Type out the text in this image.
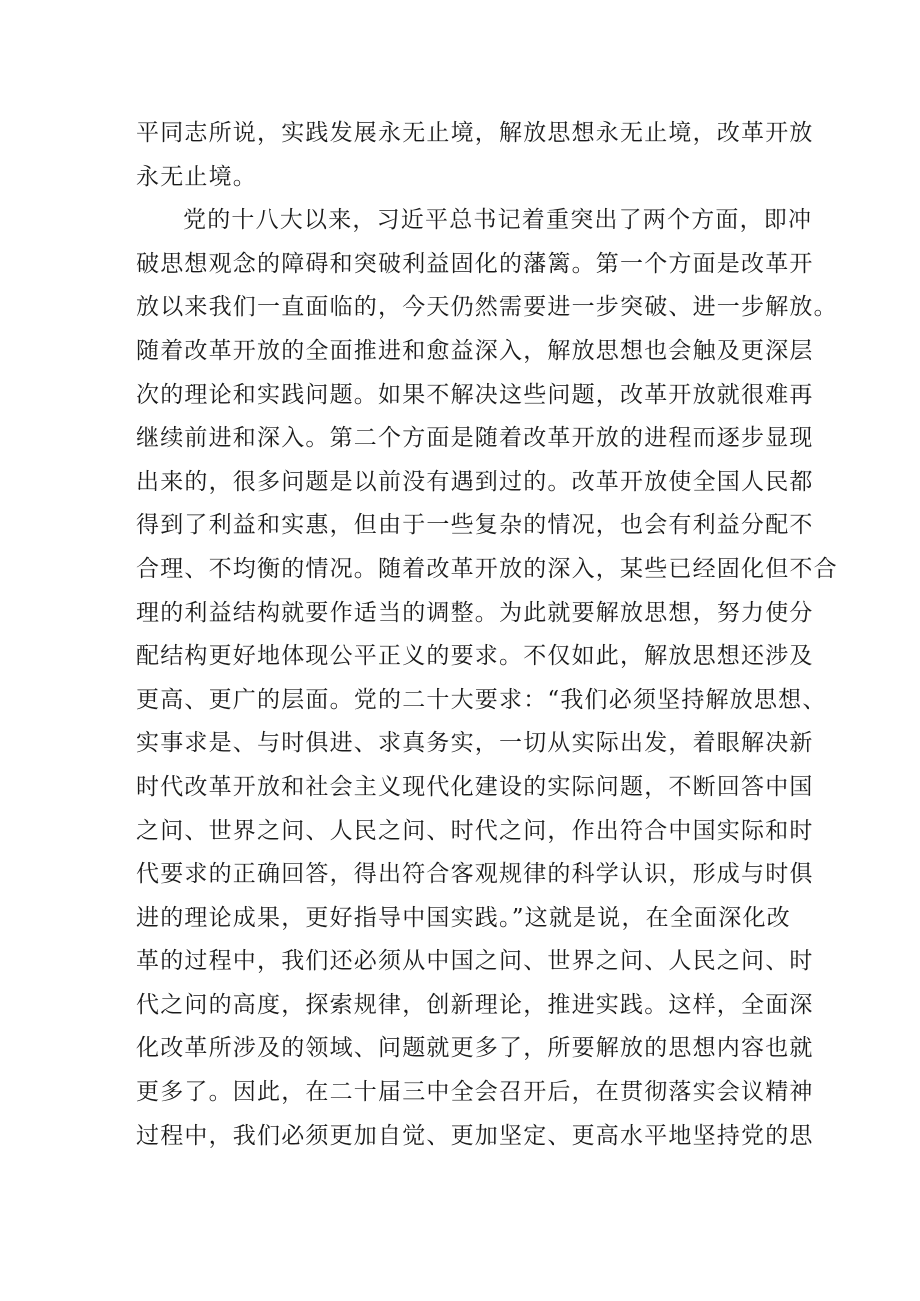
平同志所说，实践发展永无止境，解放思想永无止境，改革开放
永无止境。
党的十八大以来，习近平总书记着重突出了两个方面，即冲
破思想观念的障碍和突破利益固化的藩篱。第一个方面是改革开
放以来我们一直面临的，今天仍然需要进一步突破、进一步解放。
随着改革开放的全面推进和愈益深入，解放思想也会触及更深层
次的理论和实践问题。如果不解决这些问题，改革开放就很难再
继续前进和深入。第二个方面是随着改革开放的进程而逐步显现
出来的，很多问题是以前没有遇到过的。改革开放使全国人民都
得到了利益和实惠，但由于一些复杂的情况，也会有利益分配不
合理、不均衡的情况。随着改革开放的深入，某些已经固化但不合
理的利益结构就要作适当的调整。为此就要解放思想，努力使分
配结构更好地体现公平正义的要求。不仅如此，解放思想还涉及
更高、更广的层面。党的二十大要求：“我们必须坚持解放思想、
实事求是、与时俱进、求真务实，一切从实际出发，着眼解决新
时代改革开放和社会主义现代化建设的实际问题，不断回答中国
之问、世界之问、人民之问、时代之问，作出符合中国实际和时
代要求的正确回答，得出符合客观规律的科学认识，形成与时俱
进的理论成果，更好指导中国实践。”这就是说，在全面深化改
革的过程中，我们还必须从中国之问、世界之问、人民之问、时
代之问的高度，探索规律，创新理论，推进实践。这样，全面深
化改革所涉及的领域、问题就更多了，所要解放的思想内容也就
更多了。因此，在二十届三中全会召开后，在贯彻落实会议精神
过程中，我们必须更加自觉、更加坚定、更高水平地坚持党的思
